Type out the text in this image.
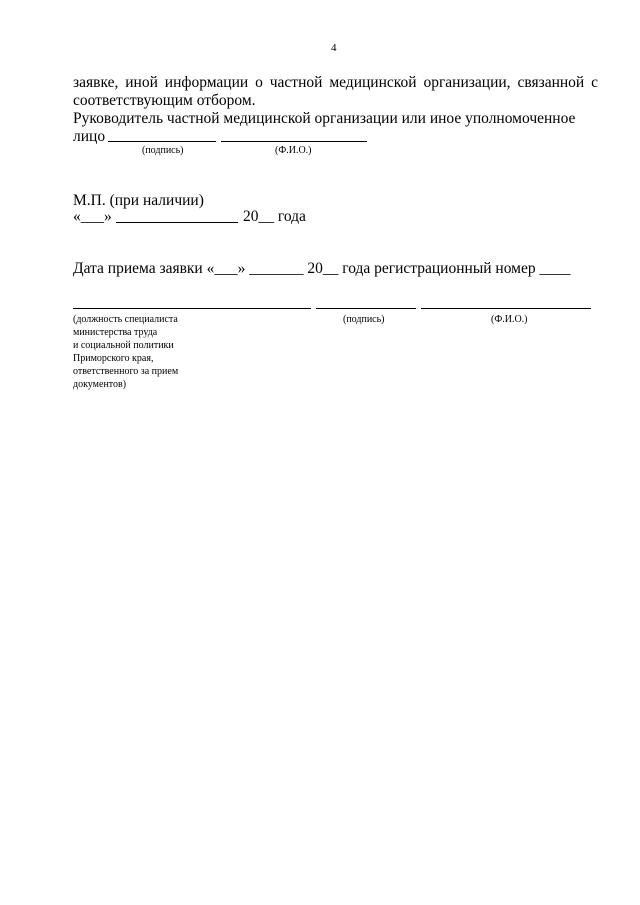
4
заявке, иной информации о частной медицинской организации, связанной с
соответствующим отбором.
Руководитель частной медицинской организации или иное уполномоченное
лицо
(подпись)	(Ф.И.О.)
М.П. (при наличии)
«___»	20__ года
Дата приема заявки «___» _______ 20__ года регистрационный номер ____
(должность специалиста
министерства труда
и социальной политики
Приморского края,
ответственного за прием
документов)
(подпись)	(Ф.И.О.)
